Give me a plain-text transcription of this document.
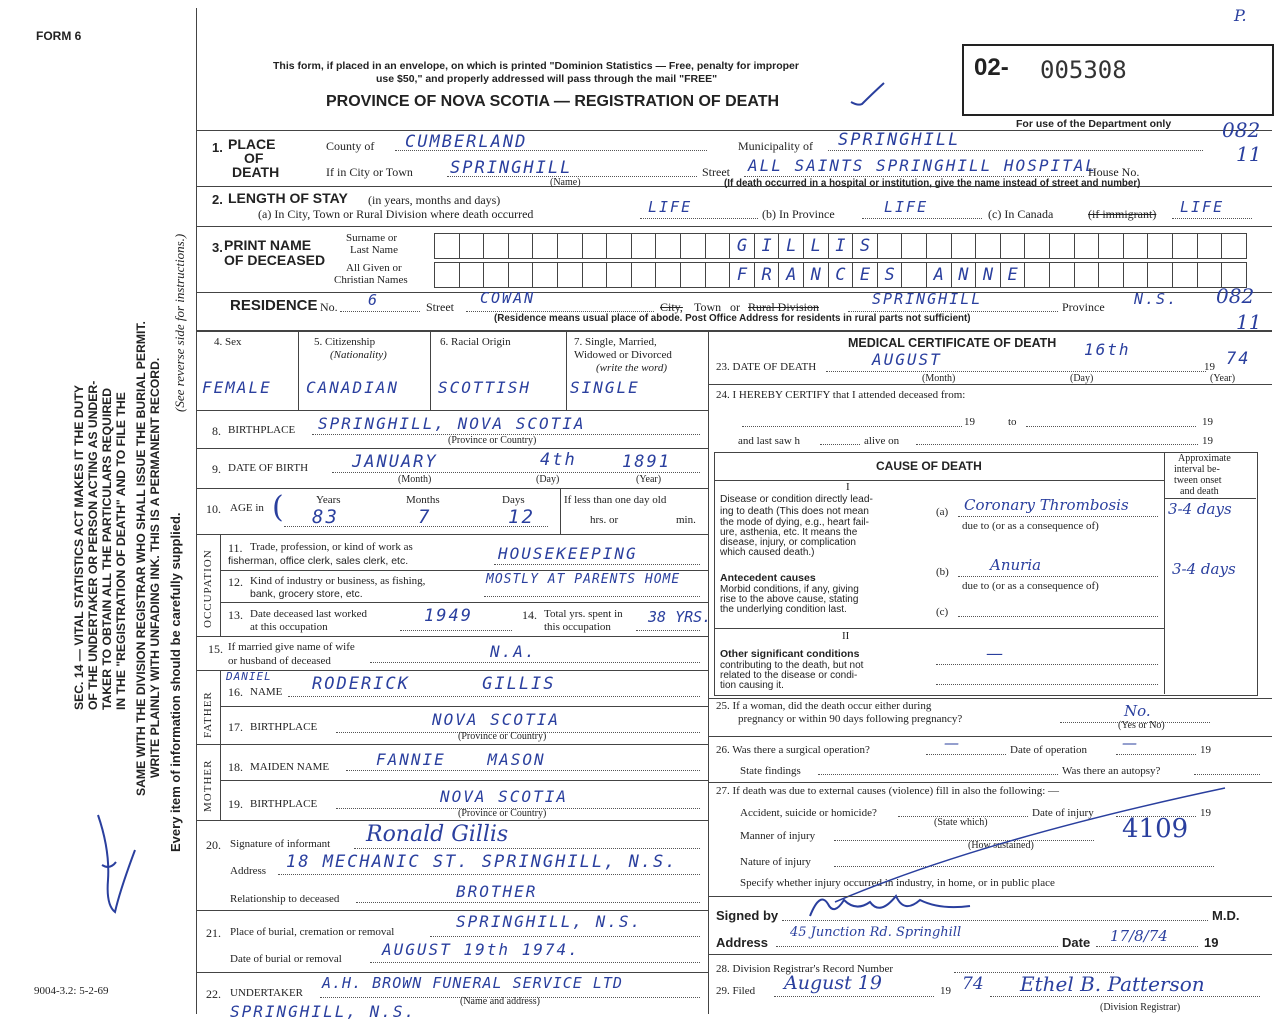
FORM 6
P.
SEC. 14 — VITAL STATISTICS ACT MAKES IT THE DUTY OF THE UNDERTAKER OR PERSON ACTING AS UNDER- TAKER TO OBTAIN ALL THE PARTICULARS REQUIRED IN THE "REGISTRATION OF DEATH" AND TO FILE THE SAME WITH THE DIVISION REGISTRAR WHO SHALL ISSUE THE BURIAL PERMIT. WRITE PLAINLY WITH UNFADING INK. THIS IS A PERMANENT RECORD. Every item of information should be carefully supplied.
(See reverse side for instructions.)
9004-3.2: 5-2-69
This form, if placed in an envelope, on which is printed "Dominion Statistics — Free, penalty for improper
use $50," and properly addressed will pass through the mail "FREE"
PROVINCE OF NOVA SCOTIA — REGISTRATION OF DEATH
02- 005308
For use of the Department only
1. PLACE
OF
DEATH
County of CUMBERLAND	Municipality of SPRINGHILL
If in City or Town SPRINGHILL
(Name)
Street ALL SAINTS SPRINGHILL HOSPITAL
House No.
(If death occurred in a hospital or institution, give the name instead of street and number)
082
11
2. LENGTH OF STAY (in years, months and days)
(a) In City, Town or Rural Division where death occurred	LIFE	(b) In Province	LIFE	(c) In Canada	(if immigrant) LIFE
3. PRINT NAME
OF DECEASED
Surname or
Last Name
All Given or
Christian Names
G I L L I S
F R A N C E S	A N N E
RESIDENCE No. 6	Street COWAN	City, Town or Rural Division	SPRINGHILL	Province N.S.
(Residence means usual place of abode. Post Office Address for residents in rural parts not sufficient)
082
11
4. Sex
FEMALE
5. Citizenship
(Nationality)
CANADIAN
6. Racial Origin
SCOTTISH
7. Single, Married,
Widowed or Divorced
(write the word)
SINGLE
8. BIRTHPLACE SPRINGHILL, NOVA SCOTIA
(Province or Country)
9. DATE OF BIRTH	JANUARY	4th	1891
(Month)	(Day)	(Year)
10. AGE in (	Years	Months	Days
83	7	12
If less than one day old
hrs. or	min.
OCCUPATION
11. Trade, profession, or kind of work as
fisherman, office clerk, sales clerk, etc.	HOUSEKEEPING
12. Kind of industry or business, as fishing,
bank, grocery store, etc.
MOSTLY AT PARENTS HOME
13. Date deceased last worked
at this occupation
1949	14. Total yrs. spent in
this occupation
38 YRS.
15. If married give name of wife
or husband of deceased	N.A.
FATHER
DANIEL
16. NAME RODERICK GILLIS
17. BIRTHPLACE	NOVA SCOTIA
(Province or Country)
MOTHER 18. MAIDEN NAME	FANNIE MASON
19. BIRTHPLACE	NOVA SCOTIA
(Province or Country)
20. Signature of informant Ronald Gillis
Address 18 MECHANIC ST. SPRINGHILL, N.S.
Relationship to deceased	BROTHER
21. Place of burial, cremation or removal
SPRINGHILL, N.S.
Date of burial or removal	AUGUST 19th 1974.
22. UNDERTAKER
A.H. BROWN FUNERAL SERVICE LTD
(Name and address)
SPRINGHILL, N.S.
MEDICAL CERTIFICATE OF DEATH
23. DATE OF DEATH	AUGUST
16th
19 74
(Month)	(Day)	(Year)
24. I HEREBY CERTIFY that I attended deceased from:
19	to	19
and last saw h	alive on	19
CAUSE OF DEATH
Approximate
interval be-
tween onset
and death
I
Disease or condition directly lead-
ing to death (This does not mean
the mode of dying, e.g., heart fail-
ure, asthenia, etc. It means the
disease, injury, or complication
which caused death.)
(a) Coronary Thrombosis	3-4 days
due to (or as a consequence of)
Antecedent causes
Morbid conditions, if any, giving
rise to the above cause, stating
the underlying condition last.
(b)	Anuria	3-4 days
due to (or as a consequence of)
(c)
II
Other significant conditions
contributing to the death, but not
related to the disease or condi-
tion causing it.
—
25. If a woman, did the death occur either during
pregnancy or within 90 days following pregnancy?	No.
(Yes or No)
26. Was there a surgical operation?	—	Date of operation —	19
State findings	Was there an autopsy?
27. If death was due to external causes (violence) fill in also the following: —
Accident, suicide or homicide?	Date of injury	19
(State which)
Manner of injury
(How sustained)
4109
Nature of injury
Specify whether injury occurred in industry, in home, or in public place
Signed by	M.D.
Address
45 Junction Rd. Springhill
Date 17/8/74	19
28. Division Registrar's Record Number
29. Filed August 19	19 74 Ethel B. Patterson
(Division Registrar)
